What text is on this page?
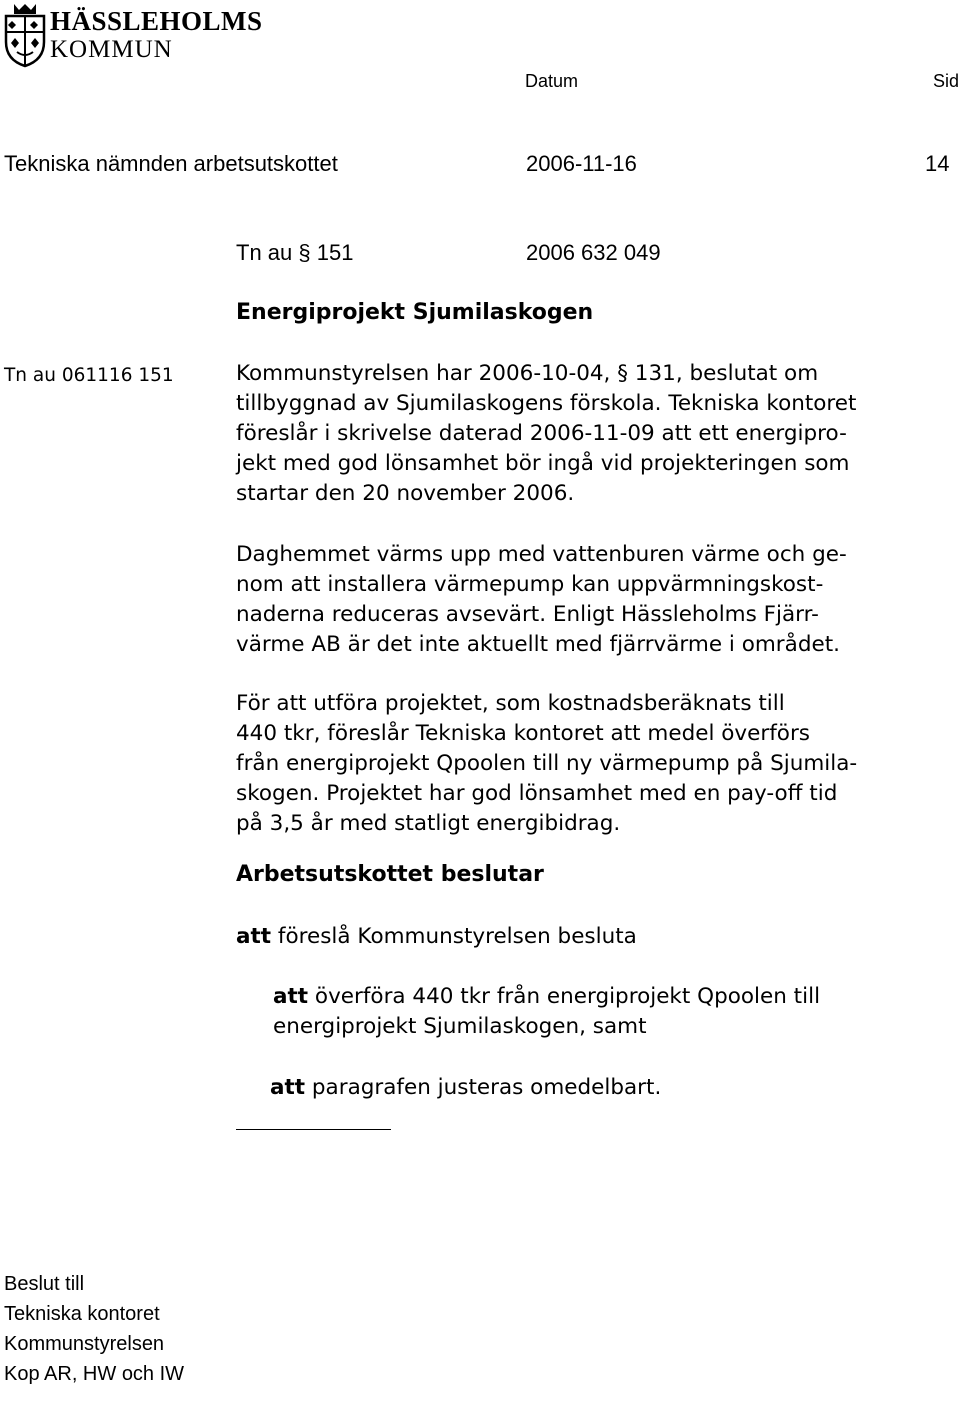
HÄSSLEHOLMS
KOMMUN
Datum	Sid
Tekniska nämnden arbetsutskottet	2006-11-16	14
Tn au § 151	2006 632 049
Energiprojekt Sjumilaskogen
Tn au 061116 151	Kommunstyrelsen har 2006-10-04, § 131, beslutat om
tillbyggnad av Sjumilaskogens förskola. Tekniska kontoret
föreslår i skrivelse daterad 2006-11-09 att ett energipro-
jekt med god lönsamhet bör ingå vid projekteringen som
startar den 20 november 2006.
Daghemmet värms upp med vattenburen värme och ge-
nom att installera värmepump kan uppvärmningskost-
naderna reduceras avsevärt. Enligt Hässleholms Fjärr-
värme AB är det inte aktuellt med fjärrvärme i området.
För att utföra projektet, som kostnadsberäknats till
440 tkr, föreslår Tekniska kontoret att medel överförs
från energiprojekt Qpoolen till ny värmepump på Sjumila-
skogen. Projektet har god lönsamhet med en pay-off tid
på 3,5 år med statligt energibidrag.
Arbetsutskottet beslutar
att föreslå Kommunstyrelsen besluta
att överföra 440 tkr från energiprojekt Qpoolen till
energiprojekt Sjumilaskogen, samt
att paragrafen justeras omedelbart.
Beslut till
Tekniska kontoret
Kommunstyrelsen
Kop AR, HW och IW
